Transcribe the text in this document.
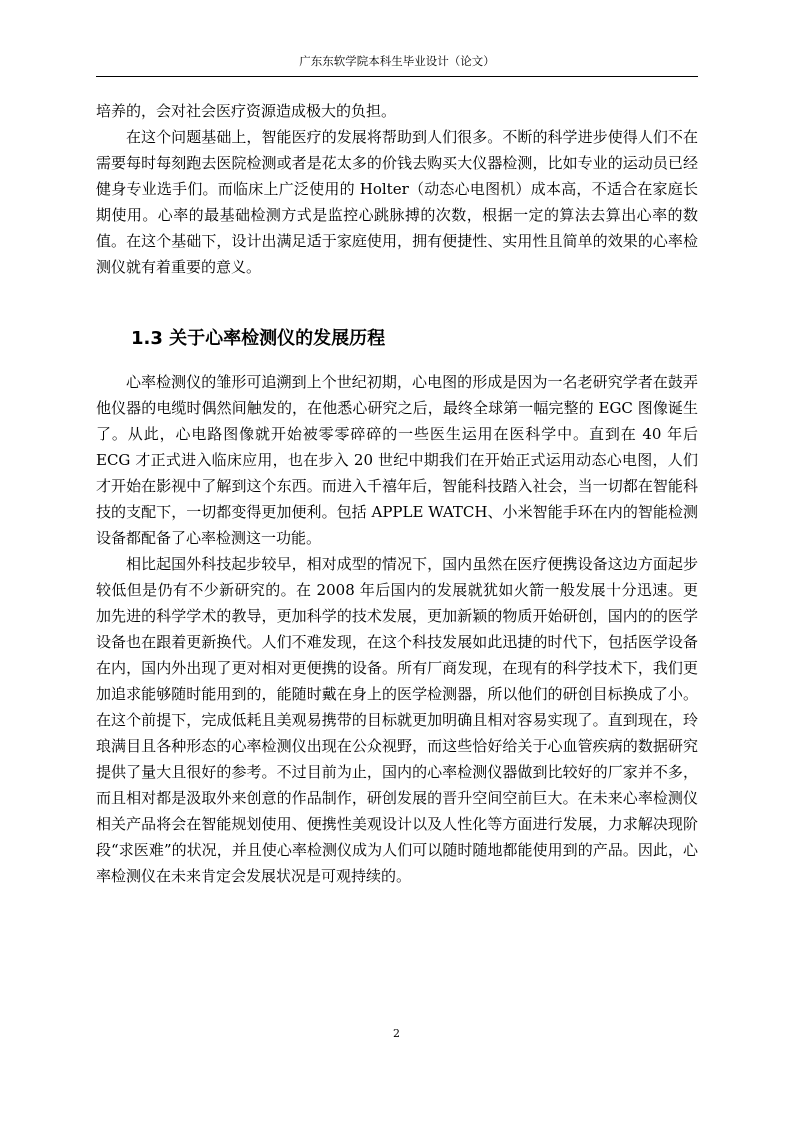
广东东软学院本科生毕业设计（论文）

培养的，会对社会医疗资源造成极大的负担。

在这个问题基础上，智能医疗的发展将帮助到人们很多。不断的科学进步使得人们不在需要每时每刻跑去医院检测或者是花太多的价钱去购买大仪器检测，比如专业的运动员已经健身专业选手们。而临床上广泛使用的 Holter（动态心电图机）成本高，不适合在家庭长期使用。心率的最基础检测方式是监控心跳脉搏的次数，根据一定的算法去算出心率的数值。在这个基础下，设计出满足适于家庭使用，拥有便捷性、实用性且简单的效果的心率检测仪就有着重要的意义。

1.3 关于心率检测仪的发展历程

心率检测仪的雏形可追溯到上个世纪初期，心电图的形成是因为一名老研究学者在鼓弄他仪器的电缆时偶然间触发的，在他悉心研究之后，最终全球第一幅完整的 EGC 图像诞生了。从此，心电路图像就开始被零零碎碎的一些医生运用在医科学中。直到在 40 年后 ECG 才正式进入临床应用，也在步入 20 世纪中期我们在开始正式运用动态心电图，人们才开始在影视中了解到这个东西。而进入千禧年后，智能科技踏入社会，当一切都在智能科技的支配下，一切都变得更加便利。包括 APPLE WATCH、小米智能手环在内的智能检测设备都配备了心率检测这一功能。

相比起国外科技起步较早，相对成型的情况下，国内虽然在医疗便携设备这边方面起步较低但是仍有不少新研究的。在 2008 年后国内的发展就犹如火箭一般发展十分迅速。更加先进的科学学术的教导，更加科学的技术发展，更加新颖的物质开始研创，国内的的医学设备也在跟着更新换代。人们不难发现，在这个科技发展如此迅捷的时代下，包括医学设备在内，国内外出现了更对相对更便携的设备。所有厂商发现，在现有的科学技术下，我们更加追求能够随时能用到的，能随时戴在身上的医学检测器，所以他们的研创目标换成了小。在这个前提下，完成低耗且美观易携带的目标就更加明确且相对容易实现了。直到现在，玲琅满目且各种形态的心率检测仪出现在公众视野，而这些恰好给关于心血管疾病的数据研究提供了量大且很好的参考。不过目前为止，国内的心率检测仪器做到比较好的厂家并不多，而且相对都是汲取外来创意的作品制作，研创发展的晋升空间空前巨大。在未来心率检测仪相关产品将会在智能规划使用、便携性美观设计以及人性化等方面进行发展，力求解决现阶段“求医难”的状况，并且使心率检测仪成为人们可以随时随地都能使用到的产品。因此，心率检测仪在未来肯定会发展状况是可观持续的。

2
